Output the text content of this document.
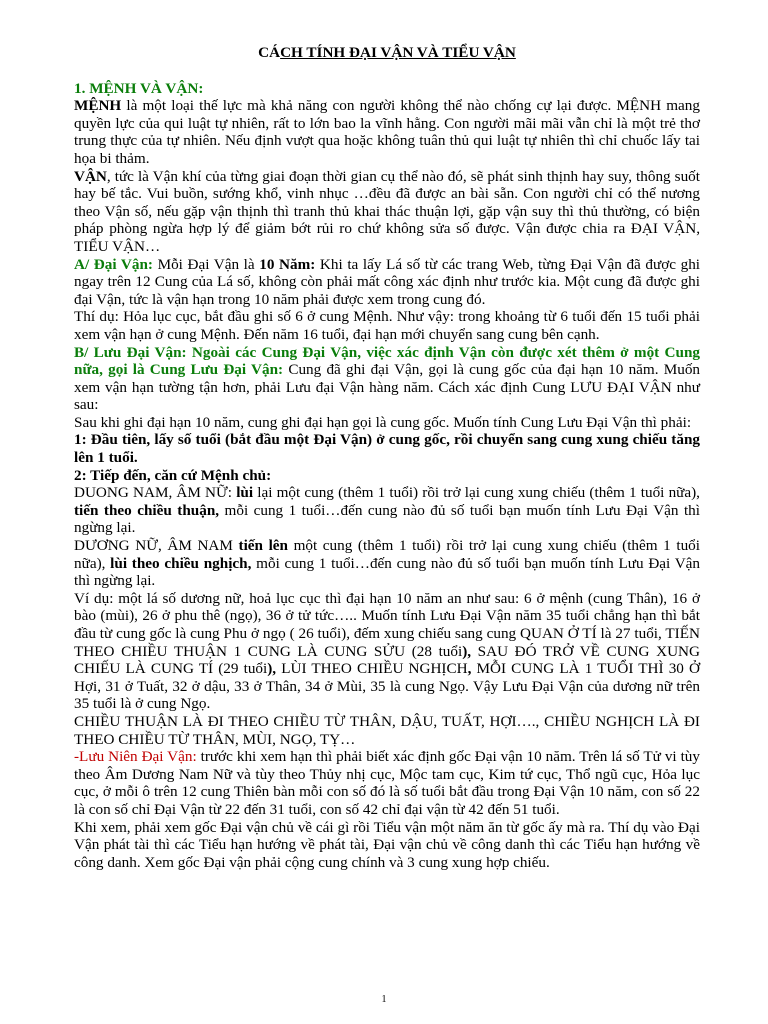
CÁCH TÍNH ĐẠI VẬN VÀ TIỂU VẬN

1. MỆNH VÀ VẬN:

MỆNH là một loại thế lực mà khả năng con người không thể nào chống cự lại được. MỆNH mang quyền lực của qui luật tự nhiên, rất to lớn bao la vĩnh hằng. Con người mãi mãi vẫn chỉ là một trẻ thơ trung thực của tự nhiên. Nếu định vượt qua hoặc không tuân thủ qui luật tự nhiên thì chỉ chuốc lấy tai họa bi thảm.

VẬN, tức là Vận khí của từng giai đoạn thời gian cụ thể nào đó, sẽ phát sinh thịnh hay suy, thông suốt hay bế tắc. Vui buồn, sướng khổ, vinh nhục …đều đã được an bài sẵn. Con người chỉ có thể nương theo Vận số, nếu gặp vận thịnh thì tranh thủ khai thác thuận lợi, gặp vận suy thì thủ thường, có biện pháp phòng ngừa hợp lý để giảm bớt rủi ro chứ không sửa số được. Vận được chia ra ĐẠI VẬN, TIỂU VẬN…

A/ Đại Vận: Mỗi Đại Vận là 10 Năm: Khi ta lấy Lá số từ các trang Web, từng Đại Vận đã được ghi ngay trên 12 Cung của Lá số, không còn phải mất công xác định như trước kia. Một cung đã được ghi đại Vận, tức là vận hạn trong 10 năm phải được xem trong cung đó.

Thí dụ: Hỏa lục cục, bắt đầu ghi số 6 ở cung Mệnh. Như vậy: trong khoảng từ 6 tuổi đến 15 tuổi phải xem vận hạn ở cung Mệnh. Đến năm 16 tuổi, đại hạn mới chuyển sang cung bên cạnh.

B/ Lưu Đại Vận: Ngoài các Cung Đại Vận, việc xác định Vận còn được xét thêm ở một Cung nữa, gọi là Cung Lưu Đại Vận: Cung đã ghi đại Vận, gọi là cung gốc của đại hạn 10 năm. Muốn xem vận hạn tường tận hơn, phải Lưu đại Vận hàng năm. Cách xác định Cung LƯU ĐẠI VẬN như sau:

Sau khi ghi đại hạn 10 năm, cung ghi đại hạn gọi là cung gốc. Muốn tính Cung Lưu Đại Vận thì phải:

1: Đầu tiên, lấy số tuổi (bắt đầu một Đại Vận) ở cung gốc, rồi chuyển sang cung xung chiếu tăng lên 1 tuổi.

2: Tiếp đến, căn cứ Mệnh chủ:

DUONG NAM, ÂM NỮ: lùi lại một cung (thêm 1 tuổi) rồi trở lại cung xung chiếu (thêm 1 tuổi nữa), tiến theo chiều thuận, mỗi cung 1 tuổi…đến cung nào đủ số tuổi bạn muốn tính Lưu Đại Vận thì ngừng lại.

DƯƠNG NỮ, ÂM NAM tiến lên một cung (thêm 1 tuổi) rồi trở lại cung xung chiếu (thêm 1 tuổi nữa), lùi theo chiều nghịch, mỗi cung 1 tuổi…đến cung nào đủ số tuổi bạn muốn tính Lưu Đại Vận thì ngừng lại.

Ví dụ: một lá số dương nữ, hoả lục cục thì đại hạn 10 năm an như sau: 6 ở mệnh (cung Thân), 16 ở bào (mùi), 26 ở phu thê (ngọ), 36 ở tử tức….. Muốn tính Lưu Đại Vận năm 35 tuổi chẳng hạn thì bắt đầu từ cung gốc là cung Phu ở ngọ ( 26 tuổi), đếm xung chiếu sang cung QUAN Ở TÍ là 27 tuổi, TIẾN THEO CHIỀU THUẬN 1 CUNG LÀ CUNG SỬU (28 tuổi), SAU ĐÓ TRỞ VỀ CUNG XUNG CHIẾU LÀ CUNG TÍ (29 tuổi), LÙI THEO CHIỀU NGHỊCH, MỖI CUNG LÀ 1 TUỔI THÌ 30 Ở Hợi, 31 ở Tuất, 32 ở dậu, 33 ở Thân, 34 ở Mùi, 35 là cung Ngọ. Vậy Lưu Đại Vận của dương nữ trên 35 tuổi là ở cung Ngọ.

CHIỀU THUẬN LÀ ĐI THEO CHIỀU TỪ THÂN, DẬU, TUẤT, HỢI…., CHIỀU NGHỊCH LÀ ĐI THEO CHIỀU TỪ THÂN, MÙI, NGỌ, TỴ…

-Lưu Niên Đại Vận: trước khi xem hạn thì phải biết xác định gốc Đại vận 10 năm. Trên lá số Tử vi tùy theo Âm Dương Nam Nữ và tùy theo Thủy nhị cục, Mộc tam cục, Kim tứ cục, Thổ ngũ cục, Hỏa lục cục, ở mỗi ô trên 12 cung Thiên bàn mỗi con số đó là số tuổi bắt đầu trong Đại Vận 10 năm, con số 22 là con số chỉ Đại Vận từ 22 đến 31 tuổi, con số 42 chỉ đại vận từ 42 đến 51 tuổi.

Khi xem, phải xem gốc Đại vận chủ về cái gì rồi Tiểu vận một năm ăn từ gốc ấy mà ra. Thí dụ vào Đại Vận phát tài thì các Tiểu hạn hướng về phát tài, Đại vận chủ về công danh thì các Tiểu hạn hướng về công danh. Xem gốc Đại vận phải cộng cung chính và 3 cung xung hợp chiếu.

1
